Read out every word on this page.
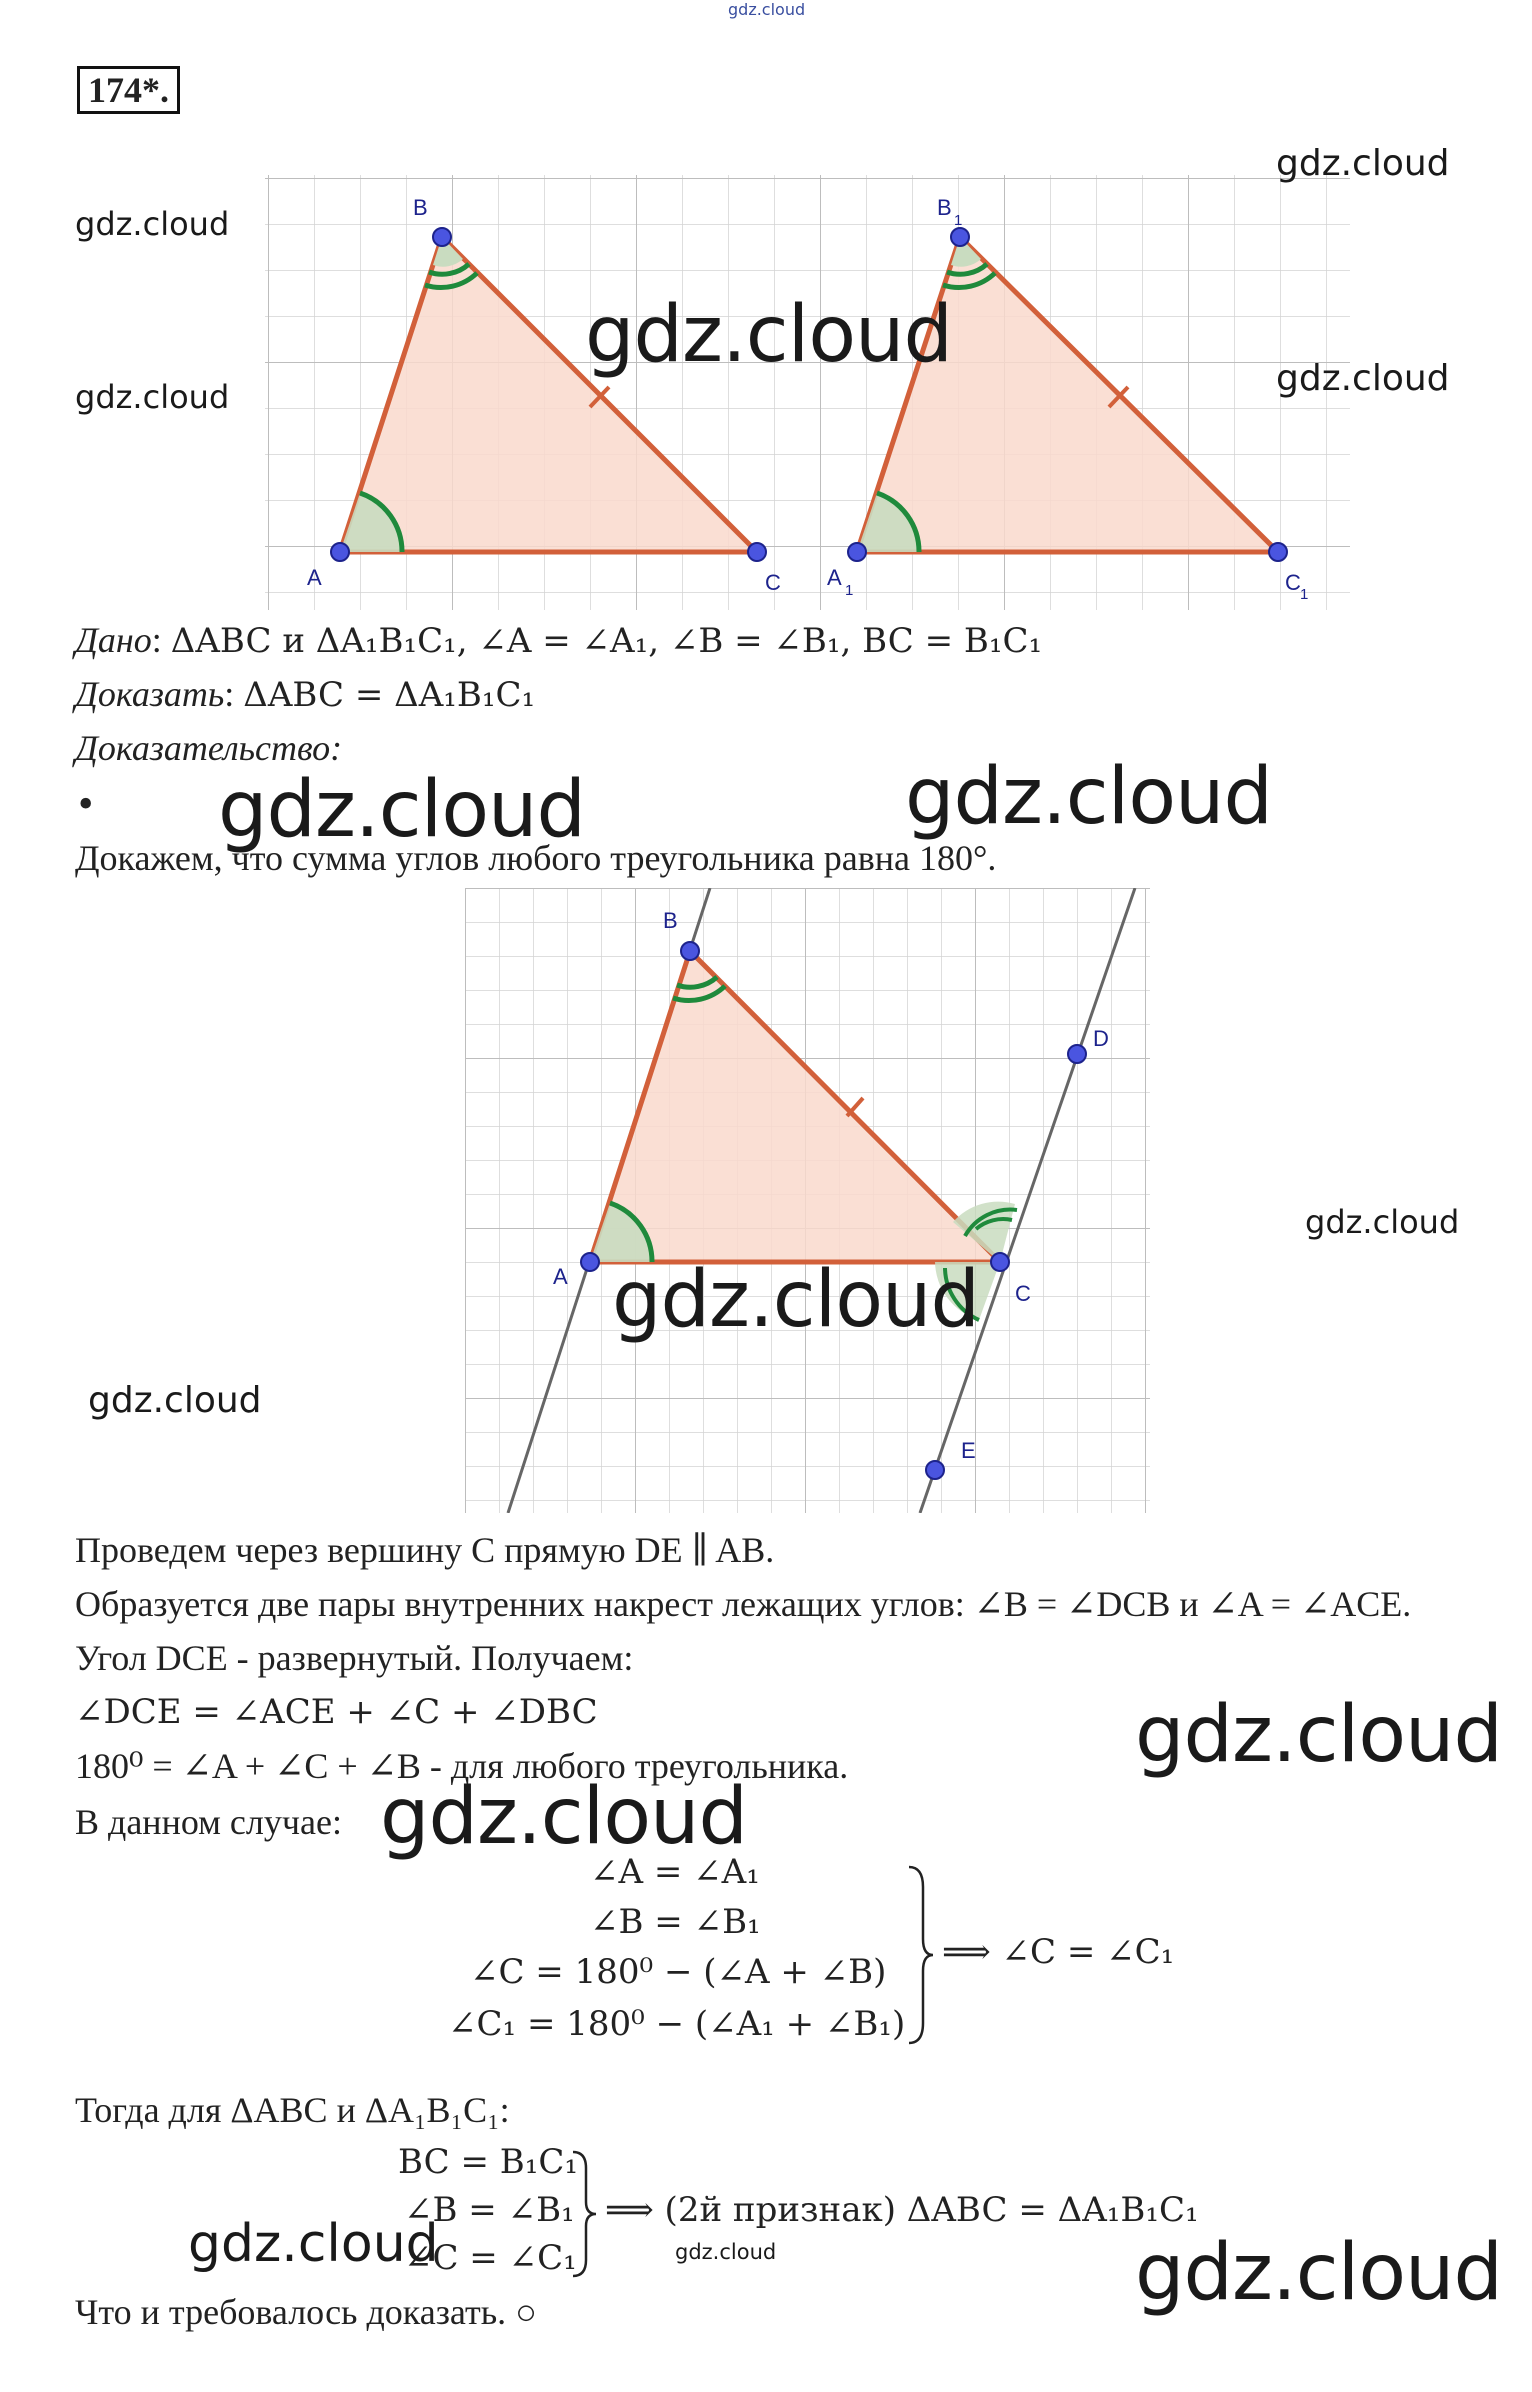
gdz.cloud
174*.
A
B
C A
1
B
1
C 1
gdz.cloud
gdz.cloud
gdz.cloud
gdz.cloud
gdz.cloud
Дано: ΔABC и ΔA₁B₁C₁, ∠A = ∠A₁, ∠B = ∠B₁, BC = B₁C₁
Доказать: ΔABC = ΔA₁B₁C₁
Доказательство:
• gdz.cloud	gdz.cloud
Докажем, что сумма углов любого треугольника равна 180°.
B
A
C
D
E
gdz.cloud
gdz.cloud
gdz.cloud
Проведем через вершину C прямую DE ∥ AB.
Образуется две пары внутренних накрест лежащих углов: ∠B = ∠DCB и ∠A = ∠ACE.
Угол DCE - развернутый. Получаем:
∠DCE = ∠ACE + ∠C + ∠DBC
180⁰ = ∠A + ∠C + ∠B - для любого треугольника.	gdz.cloud
В данном случае: gdz.cloud
∠A = ∠A₁
∠B = ∠B₁
∠C = 180⁰ − (∠A + ∠B)
∠C₁ = 180⁰ − (∠A₁ + ∠B₁)
⟹ ∠C = ∠C₁
Тогда для ΔABC и ΔA₁B₁C₁:
BC = B₁C₁
∠B = ∠B₁
∠C = ∠C₁
⟹ (2й признак) ΔABC = ΔA₁B₁C₁
gdz.cloud
gdz.cloud	gdz.cloud
Что и требовалось доказать. ○
